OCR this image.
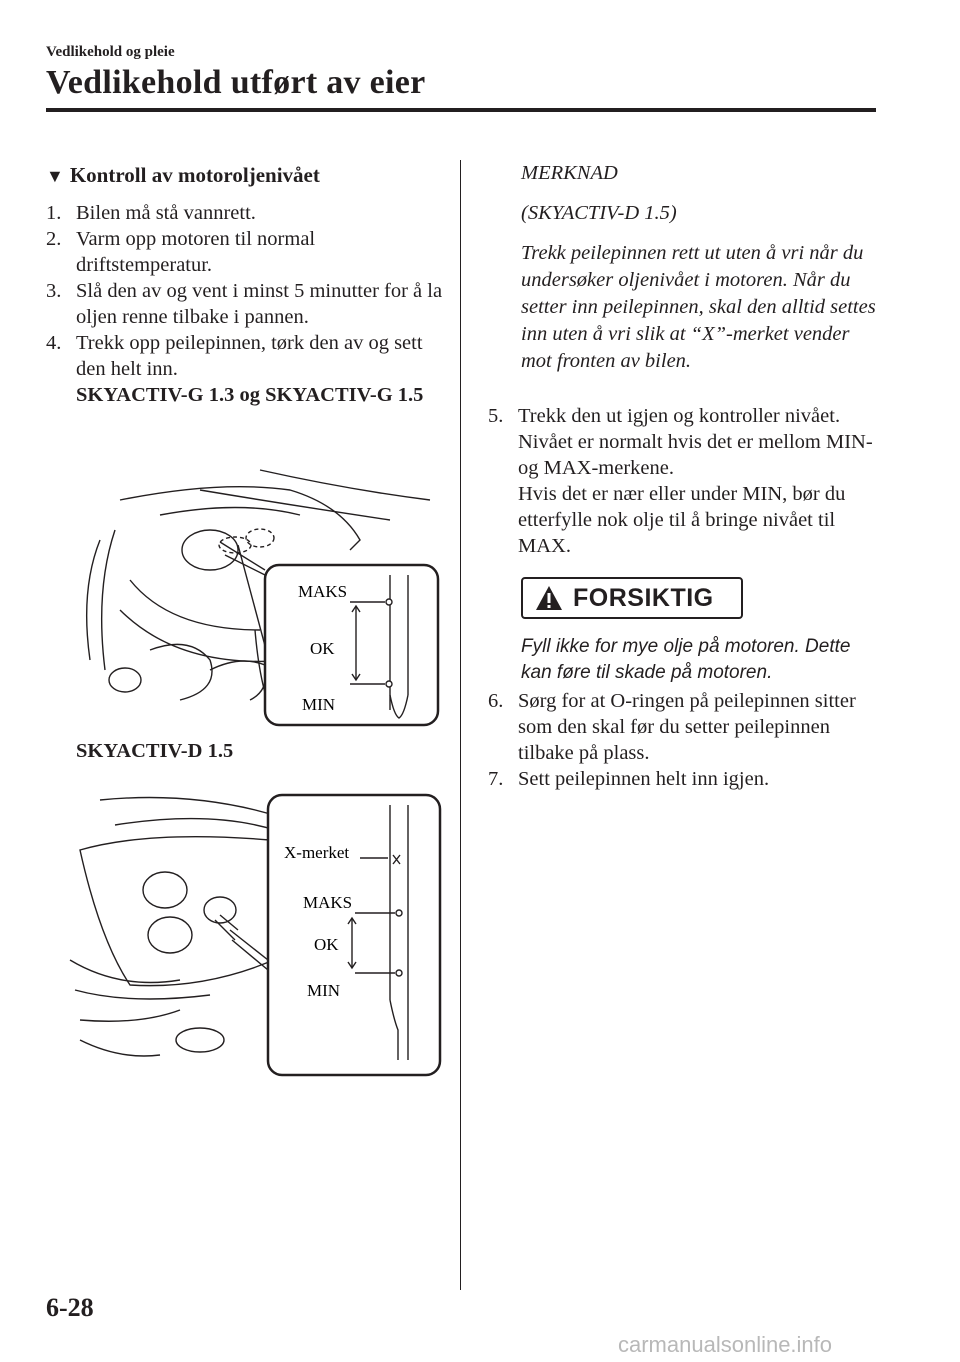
Vedlikehold og pleie
Vedlikehold utført av eier
▼ Kontroll av motoroljenivået
1. Bilen må stå vannrett.
2. Varm opp motoren til normal driftstemperatur.
3. Slå den av og vent i minst 5 minutter for å la oljen renne tilbake i pannen.
4. Trekk opp peilepinnen, tørk den av og sett den helt inn.
SKYACTIV-G 1.3 og SKYACTIV-G 1.5
MAKS
OK
MIN
SKYACTIV-D 1.5
X-merket
MAKS
OK
MIN
MERKNAD
(SKYACTIV-D 1.5)
Trekk peilepinnen rett ut uten å vri når du undersøker oljenivået i motoren. Når du setter inn peilepinnen, skal den alltid settes inn uten å vri slik at “X”-merket vender mot fronten av bilen.
5. Trekk den ut igjen og kontroller nivået.
Nivået er normalt hvis det er mellom MIN- og MAX-merkene.
Hvis det er nær eller under MIN, bør du etterfylle nok olje til å bringe nivået til MAX.
FORSIKTIG
Fyll ikke for mye olje på motoren. Dette kan føre til skade på motoren.
6. Sørg for at O-ringen på peilepinnen sitter som den skal før du setter peilepinnen tilbake på plass.
7. Sett peilepinnen helt inn igjen.
6-28
carmanualsonline.info
